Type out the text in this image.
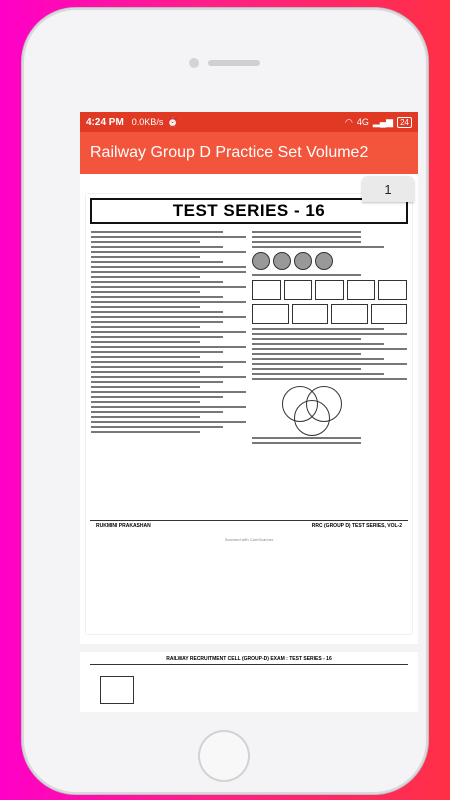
4:24 PM 0.0KB/s ⏰	◠ 4G ▂▄▆ 24
Railway Group D Practice Set Volume2
1
TEST SERIES - 16
RUKMINI PRAKASHAN	RRC (GROUP D) TEST SERIES, VOL-2
Scanned with CamScanner
RAILWAY RECRUITMENT CELL (GROUP-D) EXAM : TEST SERIES - 16
